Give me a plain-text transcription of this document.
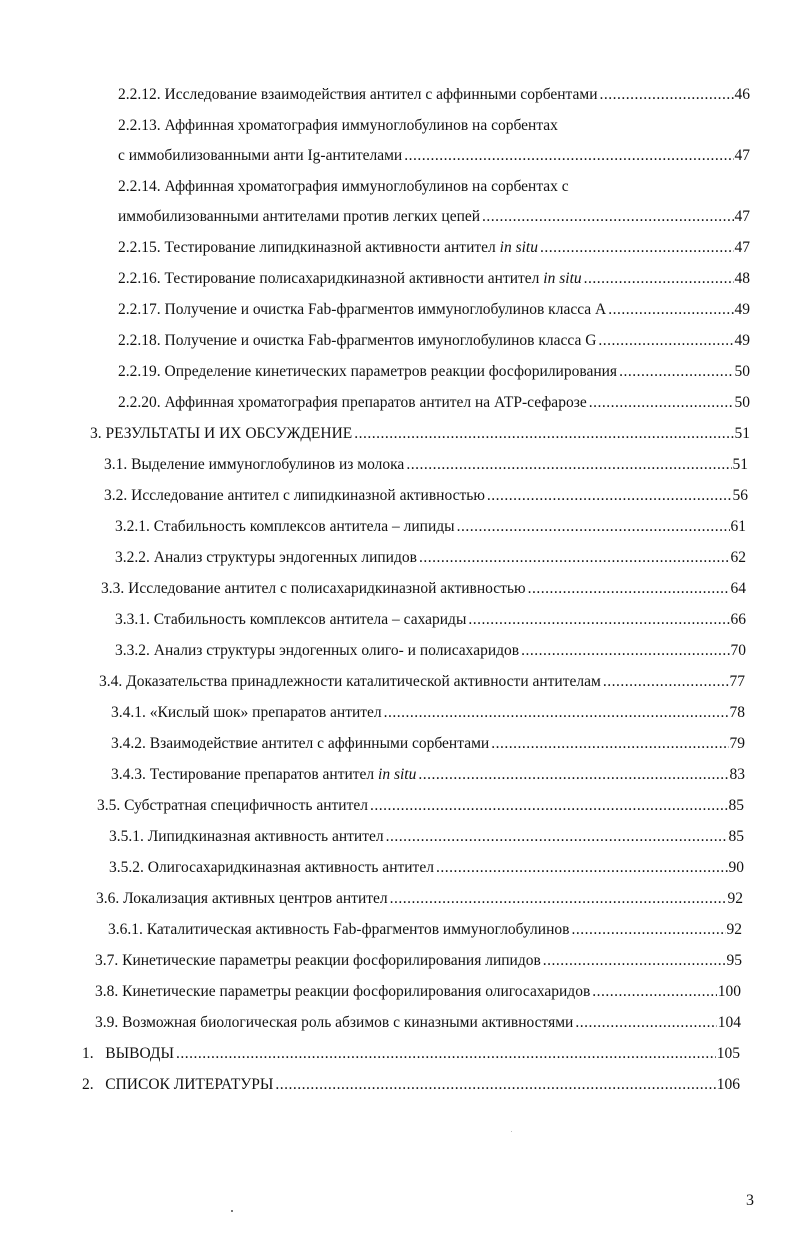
2.2.12. Исследование взаимодействия антител с аффинными сорбентами	46
.....
2.2.13. Аффинная хроматография иммуноглобулинов на сорбентах
с иммобилизованными анти Ig-антителами	47
.....
2.2.14. Аффинная хроматография иммуноглобулинов на сорбентах с
иммобилизованными антителами против легких цепей	47
.....
2.2.15. Тестирование липидкиназной активности антител in situ	47
.....
2.2.16. Тестирование полисахаридкиназной активности антител in situ	48
.....
2.2.17. Получение и очистка Fab-фрагментов иммуноглобулинов класса А	49
.....
2.2.18. Получение и очистка Fab-фрагментов имуноглобулинов класса G	49
.....
2.2.19. Определение кинетических параметров реакции фосфорилирования	50
.....
2.2.20. Аффинная хроматография препаратов антител на АТР-сефарозе	50
.....
3. РЕЗУЛЬТАТЫ И ИХ ОБСУЖДЕНИЕ	51
.....
3.1. Выделение иммуноглобулинов из молока	51
.....
3.2. Исследование антител с липидкиназной активностью	56
.....
3.2.1. Стабильность комплексов антитела – липиды	61
.....
3.2.2. Анализ структуры эндогенных липидов	62
.....
3.3. Исследование антител с полисахаридкиназной активностью	64
.....
3.3.1. Стабильность комплексов антитела – сахариды	66
.....
3.3.2. Анализ структуры эндогенных олиго- и полисахаридов	70
.....
3.4. Доказательства принадлежности каталитической активности антителам	77
.....
3.4.1. «Кислый шок» препаратов антител	78
.....
3.4.2. Взаимодействие антител с аффинными сорбентами	79
.....
3.4.3. Тестирование препаратов антител in situ	83
.....
3.5. Субстратная специфичность антител	85
.....
3.5.1. Липидкиназная активность антител	85
.....
3.5.2. Олигосахаридкиназная активность антител	90
.....
3.6. Локализация активных центров антител	92
.....
3.6.1. Каталитическая активность Fab-фрагментов иммуноглобулинов	92
.....
3.7. Кинетические параметры реакции фосфорилирования липидов	95
.....
3.8. Кинетические параметры реакции фосфорилирования олигосахаридов	100
.....
3.9. Возможная биологическая роль абзимов с киназными активностями	104
.....
1.   ВЫВОДЫ	105
.....
2.   СПИСОК ЛИТЕРАТУРЫ	106
.....
3
